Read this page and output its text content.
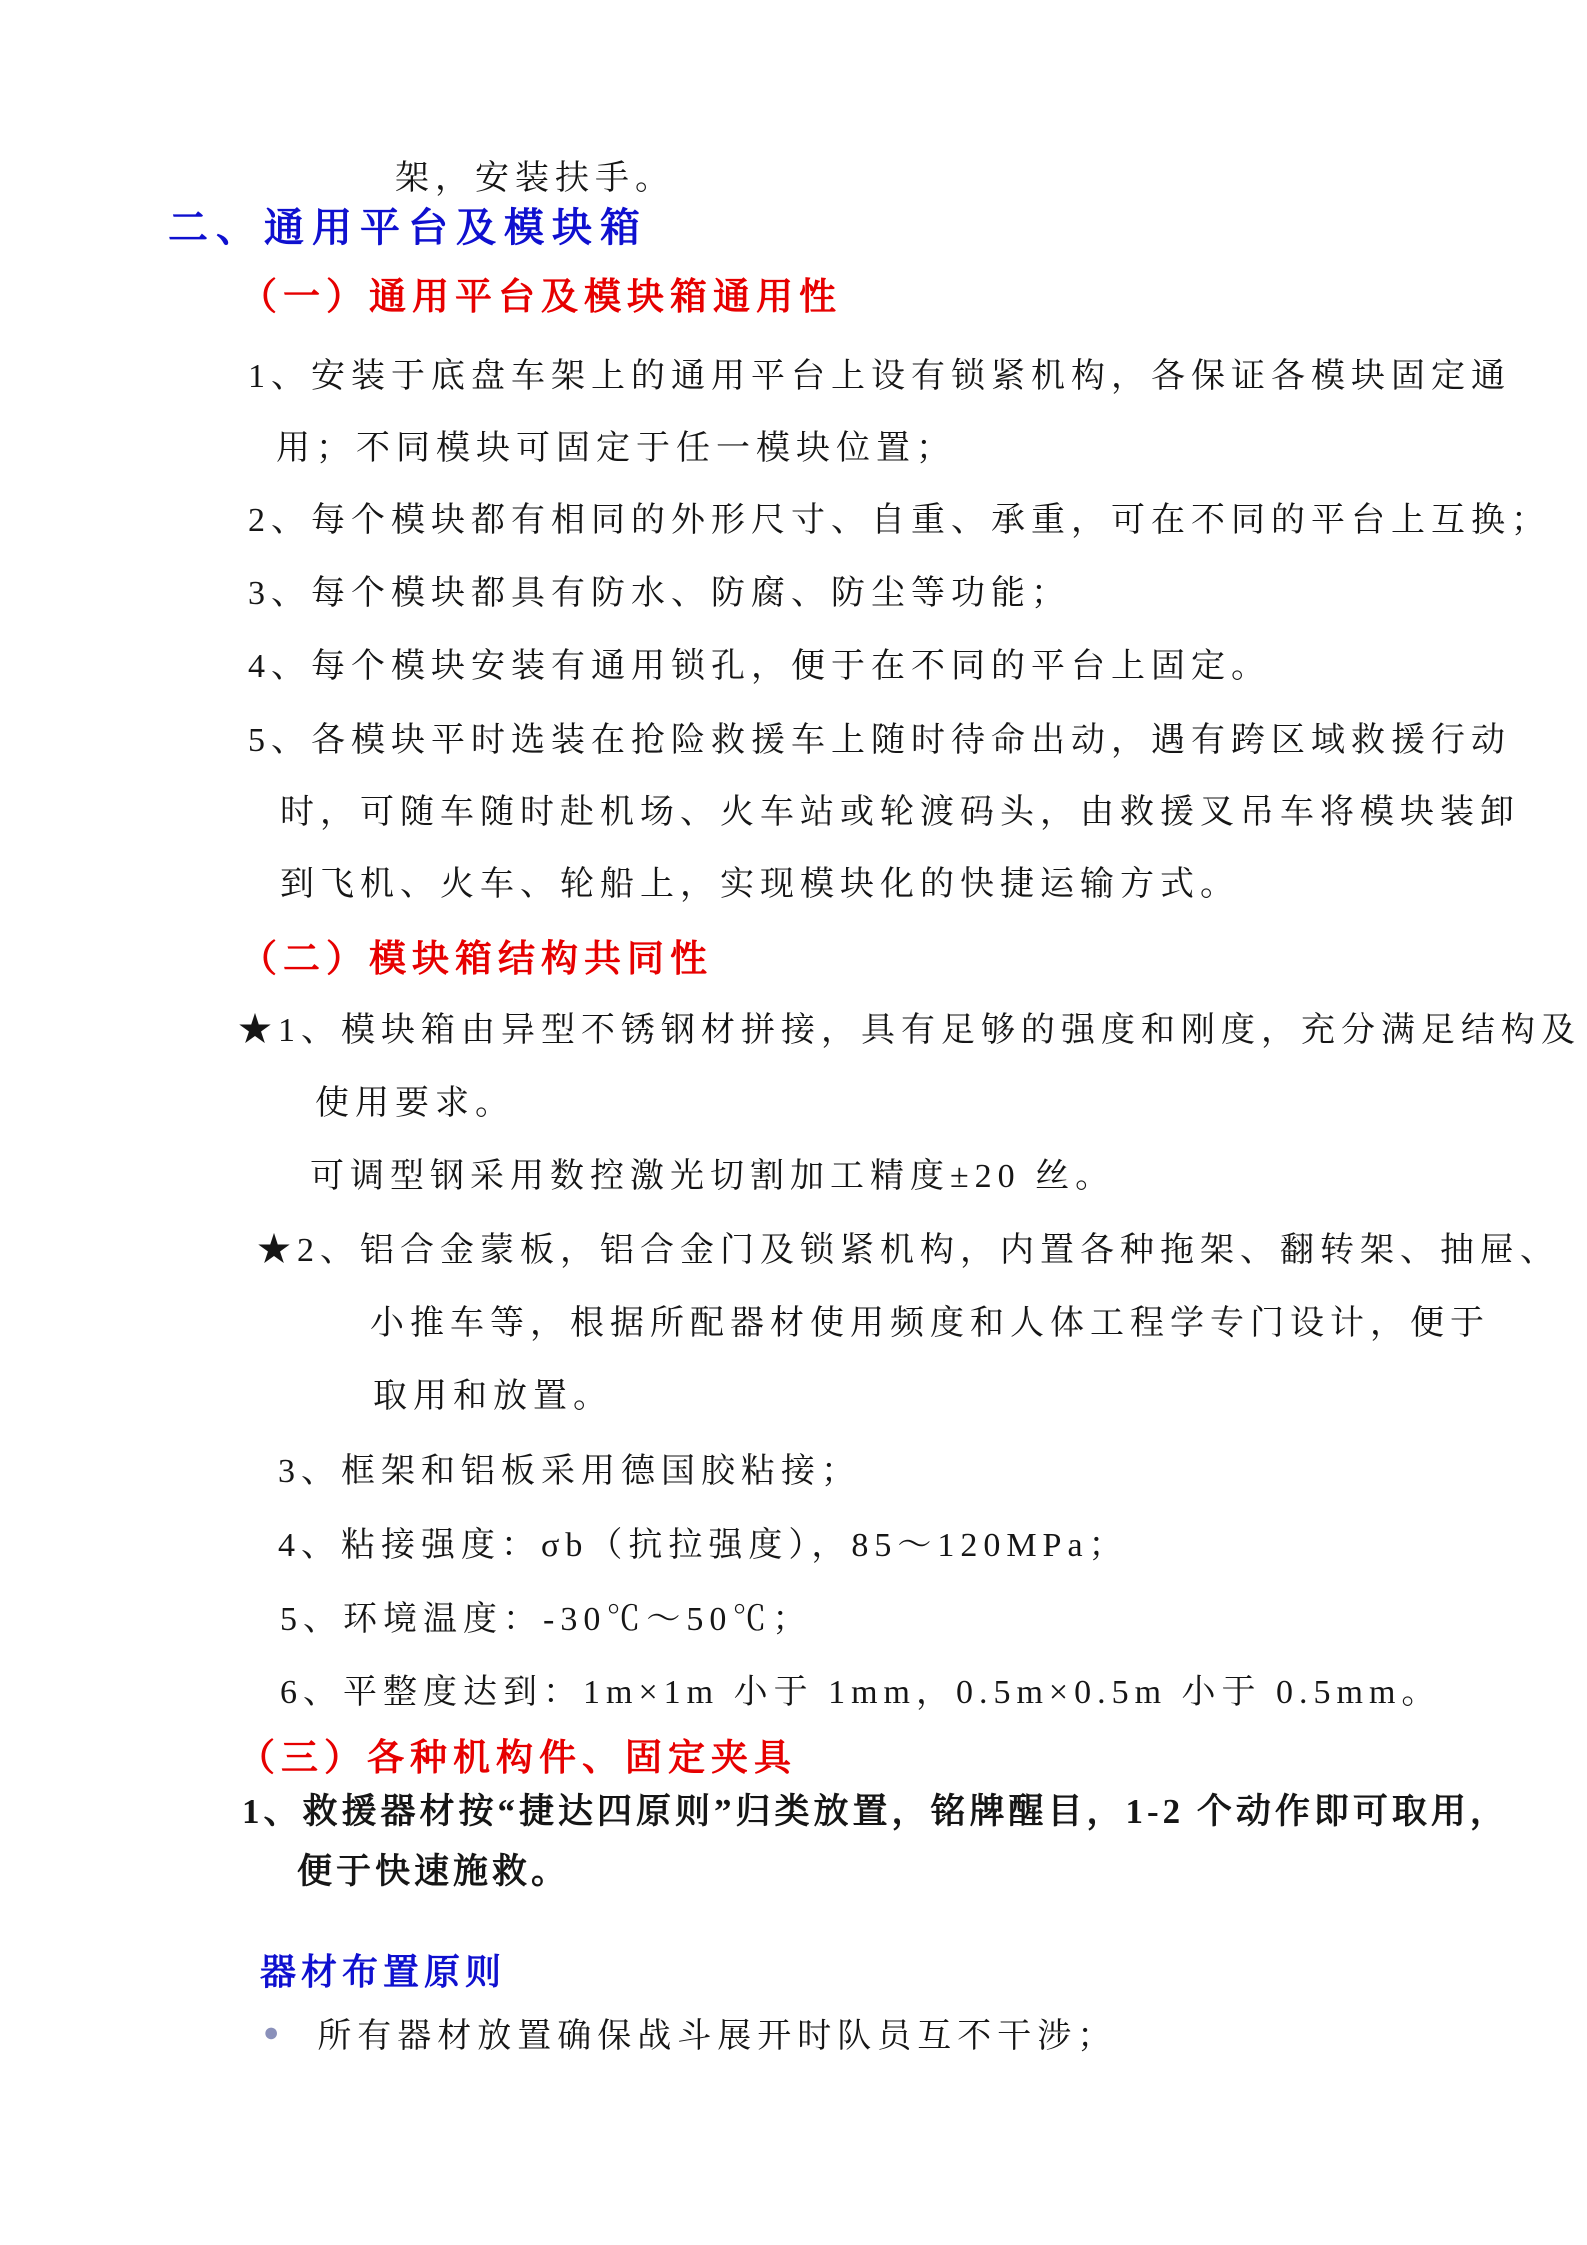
架，安装扶手。
二、通用平台及模块箱
（一）通用平台及模块箱通用性
1、安装于底盘车架上的通用平台上设有锁紧机构，各保证各模块固定通
用；不同模块可固定于任一模块位置；
2、每个模块都有相同的外形尺寸、自重、承重，可在不同的平台上互换；
3、每个模块都具有防水、防腐、防尘等功能；
4、每个模块安装有通用锁孔，便于在不同的平台上固定。
5、各模块平时选装在抢险救援车上随时待命出动，遇有跨区域救援行动
时，可随车随时赴机场、火车站或轮渡码头，由救援叉吊车将模块装卸
到飞机、火车、轮船上，实现模块化的快捷运输方式。
（二）模块箱结构共同性
★1、模块箱由异型不锈钢材拼接，具有足够的强度和刚度，充分满足结构及
使用要求。
可调型钢采用数控激光切割加工精度±20 丝。
★2、铝合金蒙板，铝合金门及锁紧机构，内置各种拖架、翻转架、抽屉、
小推车等，根据所配器材使用频度和人体工程学专门设计，便于
取用和放置。
3、框架和铝板采用德国胶粘接；
4、粘接强度：σb（抗拉强度），85～120MPa；
5、环境温度：-30℃～50℃；
6、平整度达到：1m×1m 小于 1mm，0.5m×0.5m 小于 0.5mm。
（三）各种机构件、固定夹具
1、救援器材按“捷达四原则”归类放置，铭牌醒目，1-2 个动作即可取用，
便于快速施救。
器材布置原则
● 所有器材放置确保战斗展开时队员互不干涉；
